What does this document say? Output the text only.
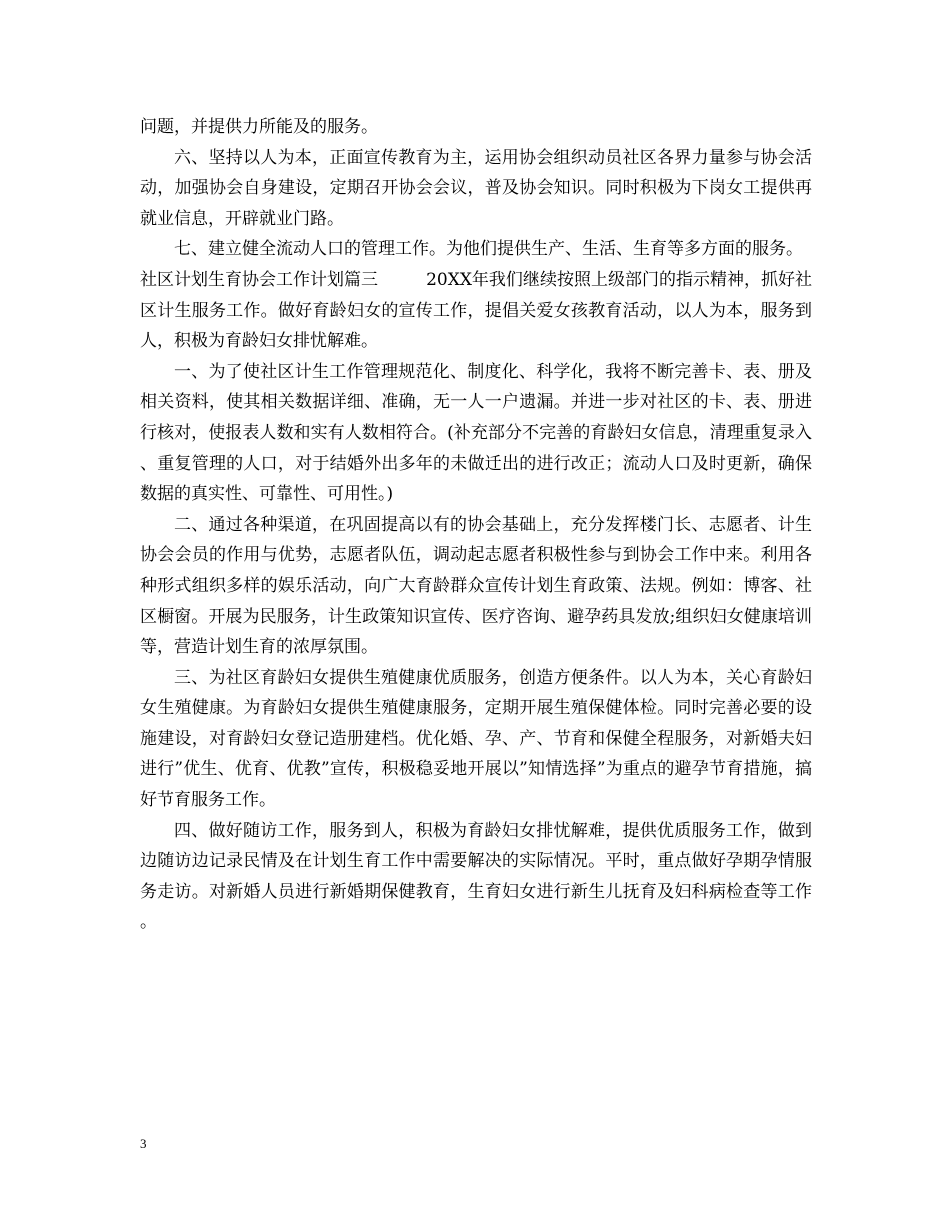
问题，并提供力所能及的服务。

六、坚持以人为本，正面宣传教育为主，运用协会组织动员社区各界力量参与协会活动，加强协会自身建设，定期召开协会会议，普及协会知识。同时积极为下岗女工提供再就业信息，开辟就业门路。

七、建立健全流动人口的管理工作。为他们提供生产、生活、生育等多方面的服务。

社区计划生育协会工作计划篇三	20XX年我们继续按照上级部门的指示精神，抓好社区计生服务工作。做好育龄妇女的宣传工作，提倡关爱女孩教育活动，以人为本，服务到人，积极为育龄妇女排忧解难。

一、为了使社区计生工作管理规范化、制度化、科学化，我将不断完善卡、表、册及相关资料，使其相关数据详细、准确，无一人一户遗漏。并进一步对社区的卡、表、册进行核对，使报表人数和实有人数相符合。(补充部分不完善的育龄妇女信息，清理重复录入、重复管理的人口，对于结婚外出多年的未做迁出的进行改正；流动人口及时更新，确保数据的真实性、可靠性、可用性。)

二、通过各种渠道，在巩固提高以有的协会基础上，充分发挥楼门长、志愿者、计生协会会员的作用与优势，志愿者队伍，调动起志愿者积极性参与到协会工作中来。利用各种形式组织多样的娱乐活动，向广大育龄群众宣传计划生育政策、法规。例如：博客、社区橱窗。开展为民服务，计生政策知识宣传、医疗咨询、避孕药具发放;组织妇女健康培训等，营造计划生育的浓厚氛围。

三、为社区育龄妇女提供生殖健康优质服务，创造方便条件。以人为本，关心育龄妇女生殖健康。为育龄妇女提供生殖健康服务，定期开展生殖保健体检。同时完善必要的设施建设，对育龄妇女登记造册建档。优化婚、孕、产、节育和保健全程服务，对新婚夫妇进行”优生、优育、优教”宣传，积极稳妥地开展以”知情选择”为重点的避孕节育措施，搞好节育服务工作。

四、做好随访工作，服务到人，积极为育龄妇女排忧解难，提供优质服务工作，做到边随访边记录民情及在计划生育工作中需要解决的实际情况。平时，重点做好孕期孕情服务走访。对新婚人员进行新婚期保健教育，生育妇女进行新生儿抚育及妇科病检查等工作。

3
